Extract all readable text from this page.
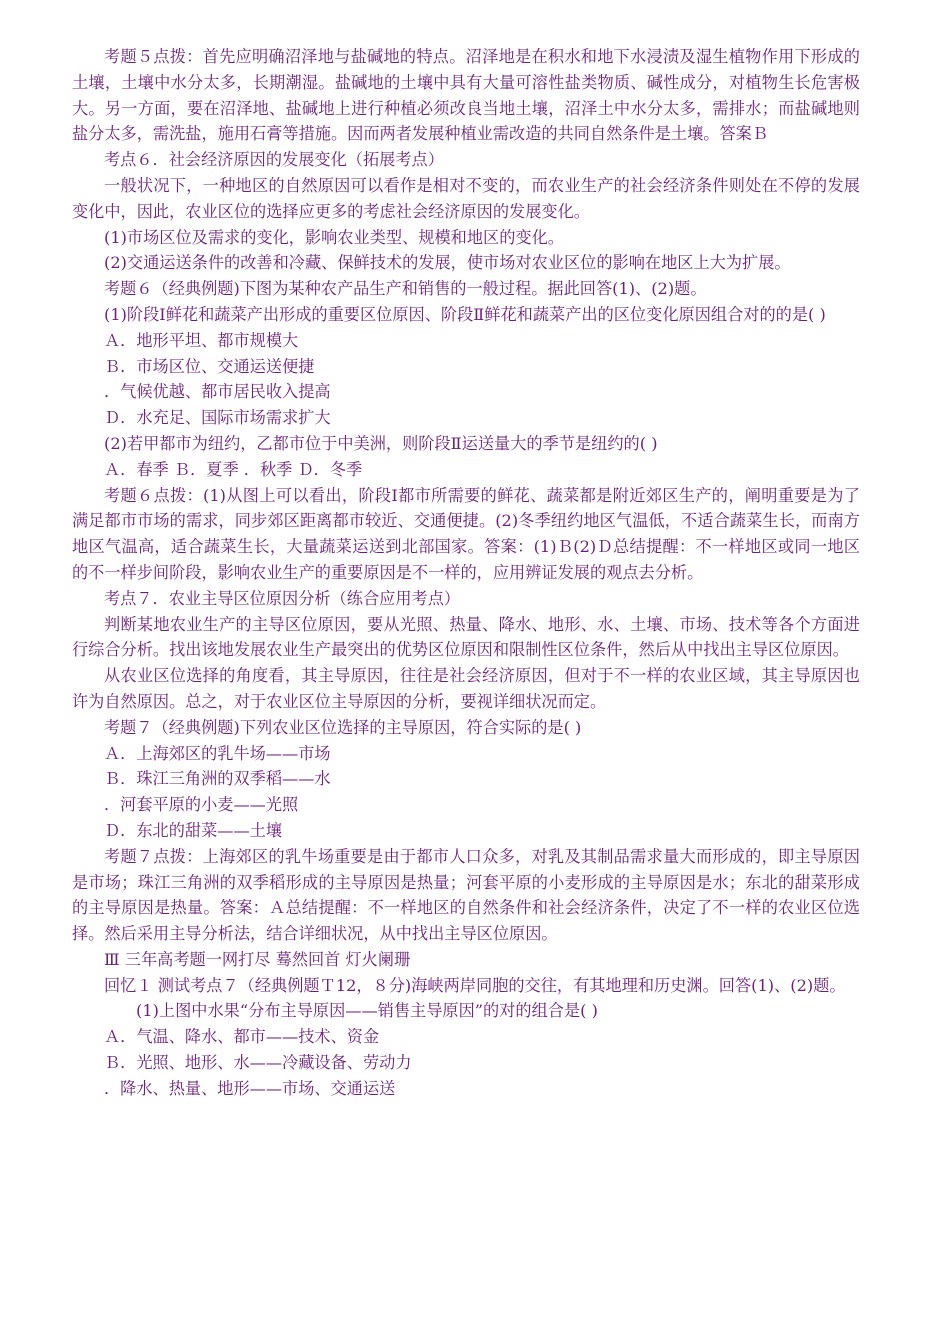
考题５点拨：首先应明确沼泽地与盐碱地的特点。沼泽地是在积水和地下水浸渍及湿生植物作用下形成的土壤，土壤中水分太多，长期潮湿。盐碱地的土壤中具有大量可溶性盐类物质、碱性成分，对植物生长危害极大。另一方面，要在沼泽地、盐碱地上进行种植必须改良当地土壤，沼泽土中水分太多，需排水；而盐碱地则盐分太多，需洗盐，施用石膏等措施。因而两者发展种植业需改造的共同自然条件是土壤。答案Ｂ

考点６．社会经济原因的发展变化（拓展考点）

一般状况下，一种地区的自然原因可以看作是相对不变的，而农业生产的社会经济条件则处在不停的发展变化中，因此，农业区位的选择应更多的考虑社会经济原因的发展变化。

(1)市场区位及需求的变化，影响农业类型、规模和地区的变化。

(2)交通运送条件的改善和冷藏、保鲜技术的发展，使市场对农业区位的影响在地区上大为扩展。

考题６（经典例题)下图为某种农产品生产和销售的一般过程。据此回答(1)、(2)题。

(1)阶段Ⅰ鲜花和蔬菜产出形成的重要区位原因、阶段Ⅱ鲜花和蔬菜产出的区位变化原因组合对的的是( )

Ａ．地形平坦、都市规模大

Ｂ．市场区位、交通运送便捷

．气候优越、都市居民收入提高

Ｄ．水充足、国际市场需求扩大

(2)若甲都市为纽约，乙都市位于中美洲，则阶段Ⅱ运送量大的季节是纽约的( )

Ａ．春季 Ｂ．夏季 ．秋季 Ｄ．冬季

考题６点拨：(1)从图上可以看出，阶段Ⅰ都市所需要的鲜花、蔬菜都是附近郊区生产的，阐明重要是为了满足都市市场的需求，同步郊区距离都市较近、交通便捷。(2)冬季纽约地区气温低，不适合蔬菜生长，而南方地区气温高，适合蔬菜生长，大量蔬菜运送到北部国家。答案：(1)Ｂ(2)Ｄ总结提醒：不一样地区或同一地区的不一样步间阶段，影响农业生产的重要原因是不一样的，应用辨证发展的观点去分析。

考点７．农业主导区位原因分析（练合应用考点）

判断某地农业生产的主导区位原因，要从光照、热量、降水、地形、水、土壤、市场、技术等各个方面进行综合分析。找出该地发展农业生产最突出的优势区位原因和限制性区位条件，然后从中找出主导区位原因。

从农业区位选择的角度看，其主导原因，往往是社会经济原因，但对于不一样的农业区域，其主导原因也许为自然原因。总之，对于农业区位主导原因的分析，要视详细状况而定。

考题７（经典例题)下列农业区位选择的主导原因，符合实际的是( )

Ａ．上海郊区的乳牛场——市场

Ｂ．珠江三角洲的双季稻——水

．河套平原的小麦——光照

Ｄ．东北的甜菜——土壤

考题７点拨：上海郊区的乳牛场重要是由于都市人口众多，对乳及其制品需求量大而形成的，即主导原因是市场；珠江三角洲的双季稻形成的主导原因是热量；河套平原的小麦形成的主导原因是水；东北的甜菜形成的主导原因是热量。答案：Ａ总结提醒：不一样地区的自然条件和社会经济条件，决定了不一样的农业区位选择。然后采用主导分析法，结合详细状况，从中找出主导区位原因。

Ⅲ 三年高考题一网打尽 蓦然回首 灯火阑珊

回忆１ 测试考点７（经典例题Ｔ12，８分)海峡两岸同胞的交往，有其地理和历史渊。回答(1)、(2)题。

(1)上图中水果“分布主导原因——销售主导原因”的对的组合是( )

Ａ．气温、降水、都市——技术、资金

Ｂ．光照、地形、水——冷藏设备、劳动力

．降水、热量、地形——市场、交通运送
